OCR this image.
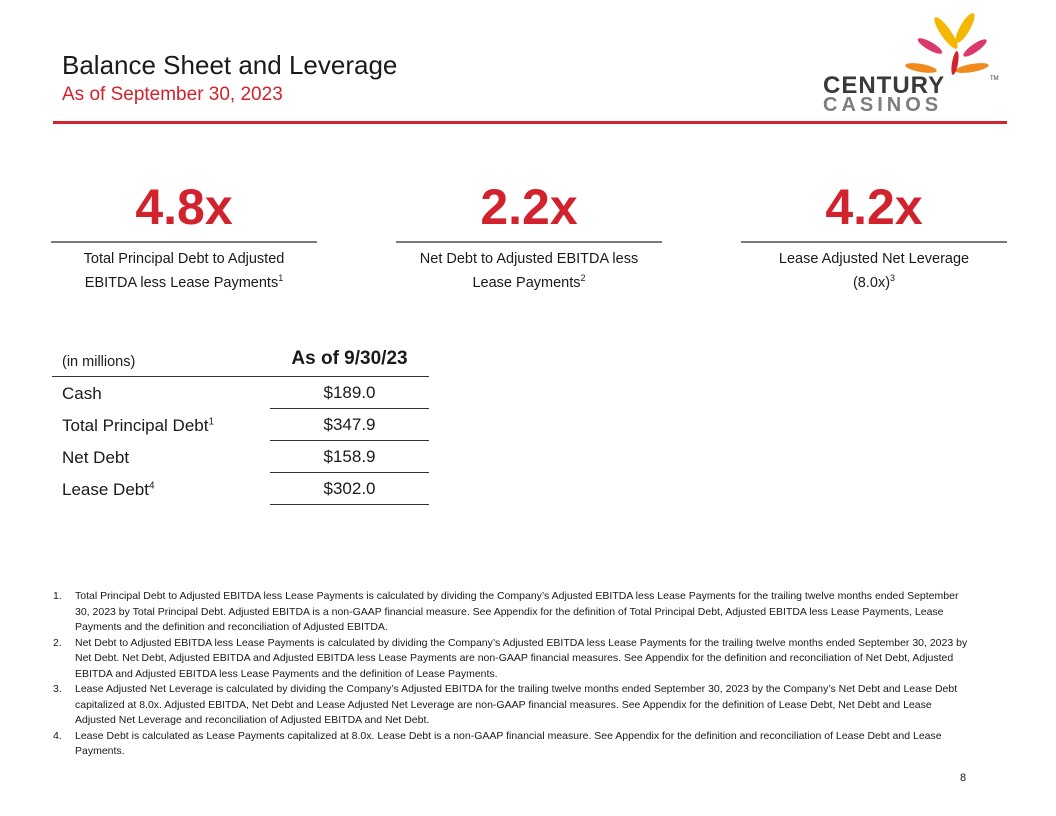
Balance Sheet and Leverage
As of September 30, 2023	CENTURY
CASINOS
TM
4.8x
Total Principal Debt to Adjusted
EBITDA less Lease Payments$^1$
2.2x
Net Debt to Adjusted EBITDA less
Lease Payments$^2$
4.2x
Lease Adjusted Net Leverage
$(8.0x)^3$
(in millions)	As of 9/30/23
Cash	$189.0
Total Principal Debt$^1$	$347.9
Net Debt	$158.9
Lease Debt$^4$	$302.0
1. Total Principal Debt to Adjusted EBITDA less Lease Payments is calculated by dividing the Company’s Adjusted EBITDA less Lease Payments for the trailing twelve months ended September 30, 2023 by Total Principal Debt. Adjusted EBITDA is a non-GAAP financial measure. See Appendix for the definition of Total Principal Debt, Adjusted EBITDA less Lease Payments, Lease Payments and the definition and reconciliation of Adjusted EBITDA.
2. Net Debt to Adjusted EBITDA less Lease Payments is calculated by dividing the Company’s Adjusted EBITDA less Lease Payments for the trailing twelve months ended September 30, 2023 by Net Debt. Net Debt, Adjusted EBITDA and Adjusted EBITDA less Lease Payments are non-GAAP financial measures. See Appendix for the definition and reconciliation of Net Debt, Adjusted EBITDA and Adjusted EBITDA less Lease Payments and the definition of Lease Payments.
3. Lease Adjusted Net Leverage is calculated by dividing the Company’s Adjusted EBITDA for the trailing twelve months ended September 30, 2023 by the Company’s Net Debt and Lease Debt capitalized at 8.0x. Adjusted EBITDA, Net Debt and Lease Adjusted Net Leverage are non-GAAP financial measures. See Appendix for the definition of Lease Debt, Net Debt and Lease Adjusted Net Leverage and reconciliation of Adjusted EBITDA and Net Debt.
4. Lease Debt is calculated as Lease Payments capitalized at 8.0x. Lease Debt is a non-GAAP financial measure. See Appendix for the definition and reconciliation of Lease Debt and Lease Payments.
8
